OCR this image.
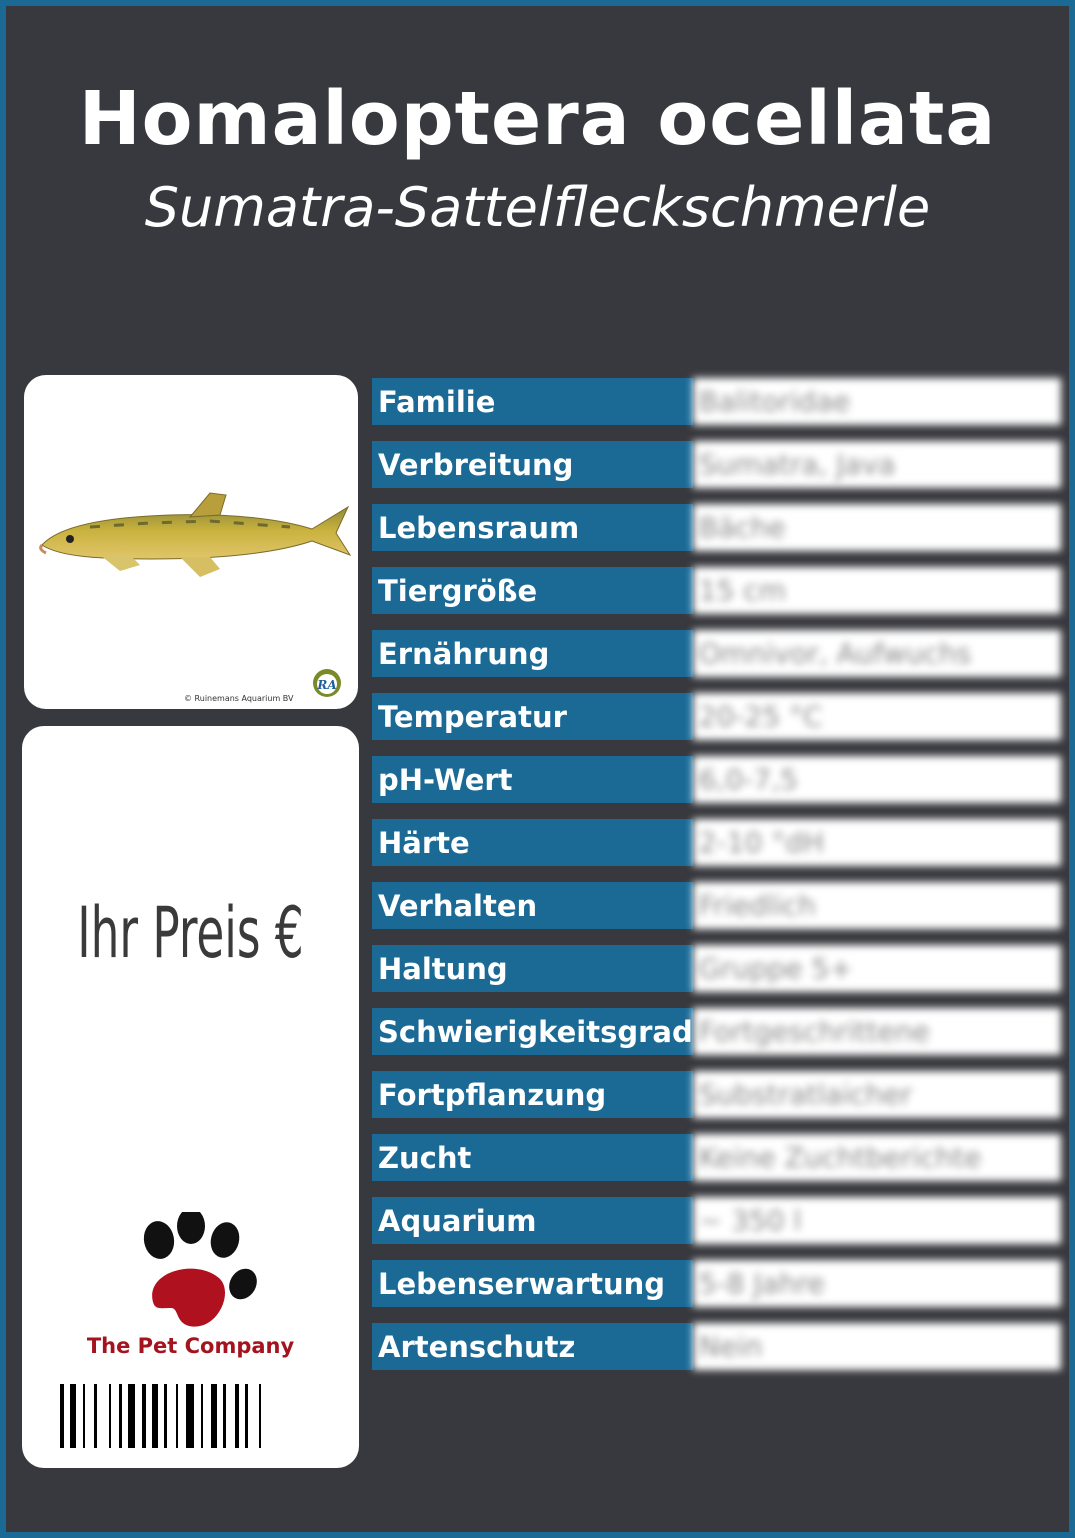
Homaloptera ocellata
Sumatra-Sattelfleckschmerle
© Ruinemans Aquarium BV
RA
Ihr Preis €
The Pet Company
Familie	Balitoridae
Verbreitung	Sumatra, Java
Lebensraum	Bäche
Tiergröße	15 cm
Ernährung	Omnivor, Aufwuchs
Temperatur	20-25 °C
pH-Wert	6,0-7,5
Härte	2-10 °dH
Verhalten	Friedlich
Haltung	Gruppe 5+
Schwierigkeitsgrad	Fortgeschrittene
Fortpflanzung	Substratlaicher
Zucht	Keine Zuchtberichte
Aquarium	~ 350 l
Lebenserwartung	5-8 Jahre
Artenschutz	Nein
